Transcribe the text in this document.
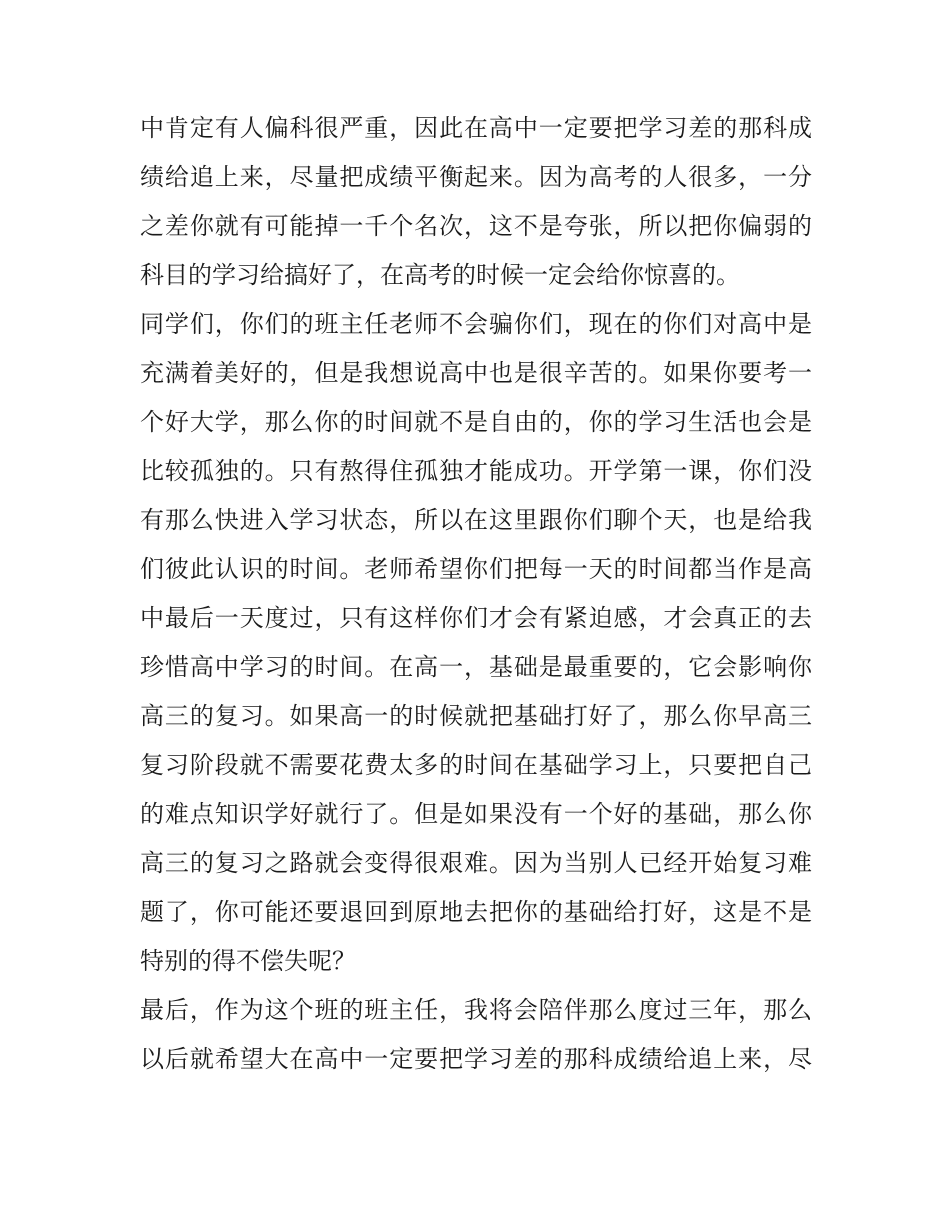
中肯定有人偏科很严重，因此在高中一定要把学习差的那科成
绩给追上来，尽量把成绩平衡起来。因为高考的人很多，一分
之差你就有可能掉一千个名次，这不是夸张，所以把你偏弱的
科目的学习给搞好了，在高考的时候一定会给你惊喜的。
同学们，你们的班主任老师不会骗你们，现在的你们对高中是
充满着美好的，但是我想说高中也是很辛苦的。如果你要考一
个好大学，那么你的时间就不是自由的，你的学习生活也会是
比较孤独的。只有熬得住孤独才能成功。开学第一课，你们没
有那么快进入学习状态，所以在这里跟你们聊个天，也是给我
们彼此认识的时间。老师希望你们把每一天的时间都当作是高
中最后一天度过，只有这样你们才会有紧迫感，才会真正的去
珍惜高中学习的时间。在高一，基础是最重要的，它会影响你
高三的复习。如果高一的时候就把基础打好了，那么你早高三
复习阶段就不需要花费太多的时间在基础学习上，只要把自己
的难点知识学好就行了。但是如果没有一个好的基础，那么你
高三的复习之路就会变得很艰难。因为当别人已经开始复习难
题了，你可能还要退回到原地去把你的基础给打好，这是不是
特别的得不偿失呢？
最后，作为这个班的班主任，我将会陪伴那么度过三年，那么
以后就希望大在高中一定要把学习差的那科成绩给追上来，尽
